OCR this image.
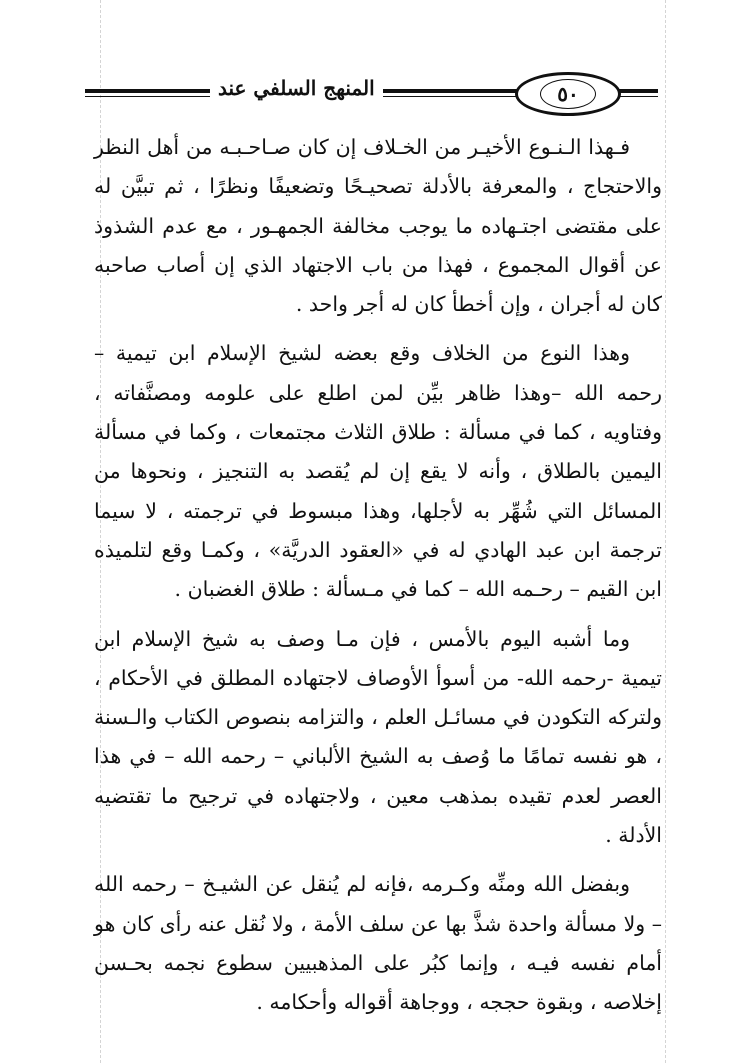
المنهج السلفي عند	٥٠

فـهذا الـنـوع الأخيـر من الخـلاف إن كان صـاحـبـه من أهل النظر والاحتجاج ، والمعرفة بالأدلة تصحيـحًا وتضعيفًا ونظرًا ، ثم تبيَّن له على مقتضى اجتـهاده ما يوجب مخالفة الجمهـور ، مع عدم الشذوذ عن أقوال المجموع ، فهذا من باب الاجتهاد الذي إن أصاب صاحبه كان له أجران ، وإن أخطأ كان له أجر واحد .

وهذا النوع من الخلاف وقع بعضه لشيخ الإسلام ابن تيمية – رحمه الله –وهذا ظاهر بيِّن لمن اطلع على علومه ومصنَّفاته ، وفتاويه ، كما في مسألة : طلاق الثلاث مجتمعات ، وكما في مسألة اليمين بالطلاق ، وأنه لا يقع إن لم يُقصد به التنجيز ، ونحوها من المسائل التي شُهِّر به لأجلها، وهذا مبسوط في ترجمته ، لا سيما ترجمة ابن عبد الهادي له في «العقود الدريَّة» ، وكمـا وقع لتلميذه ابن القيم – رحـمه الله – كما في مـسألة : طلاق الغضبان .

وما أشبه اليوم بالأمس ، فإن مـا وصف به شيخ الإسلام ابن تيمية -رحمه الله- من أسوأ الأوصاف لاجتهاده المطلق في الأحكام ، ولتركه التكودن في مسائـل العلم ، والتزامه بنصوص الكتاب والـسنة ، هو نفسه تمامًا ما وُصف به الشيخ الألباني – رحمه الله – في هذا العصر لعدم تقيده بمذهب معين ، ولاجتهاده في ترجيح ما تقتضيه الأدلة .

وبفضل الله ومنِّه وكـرمه ،فإنه لم يُنقل عن الشيـخ – رحمه الله – ولا مسألة واحدة شذَّ بها عن سلف الأمة ، ولا نُقل عنه رأى كان هو أمام نفسه فيـه ، وإنما كبُر على المذهبيين سطوع نجمه بحـسن إخلاصه ، وبقوة حججه ، ووجاهة أقواله وأحكامه .
